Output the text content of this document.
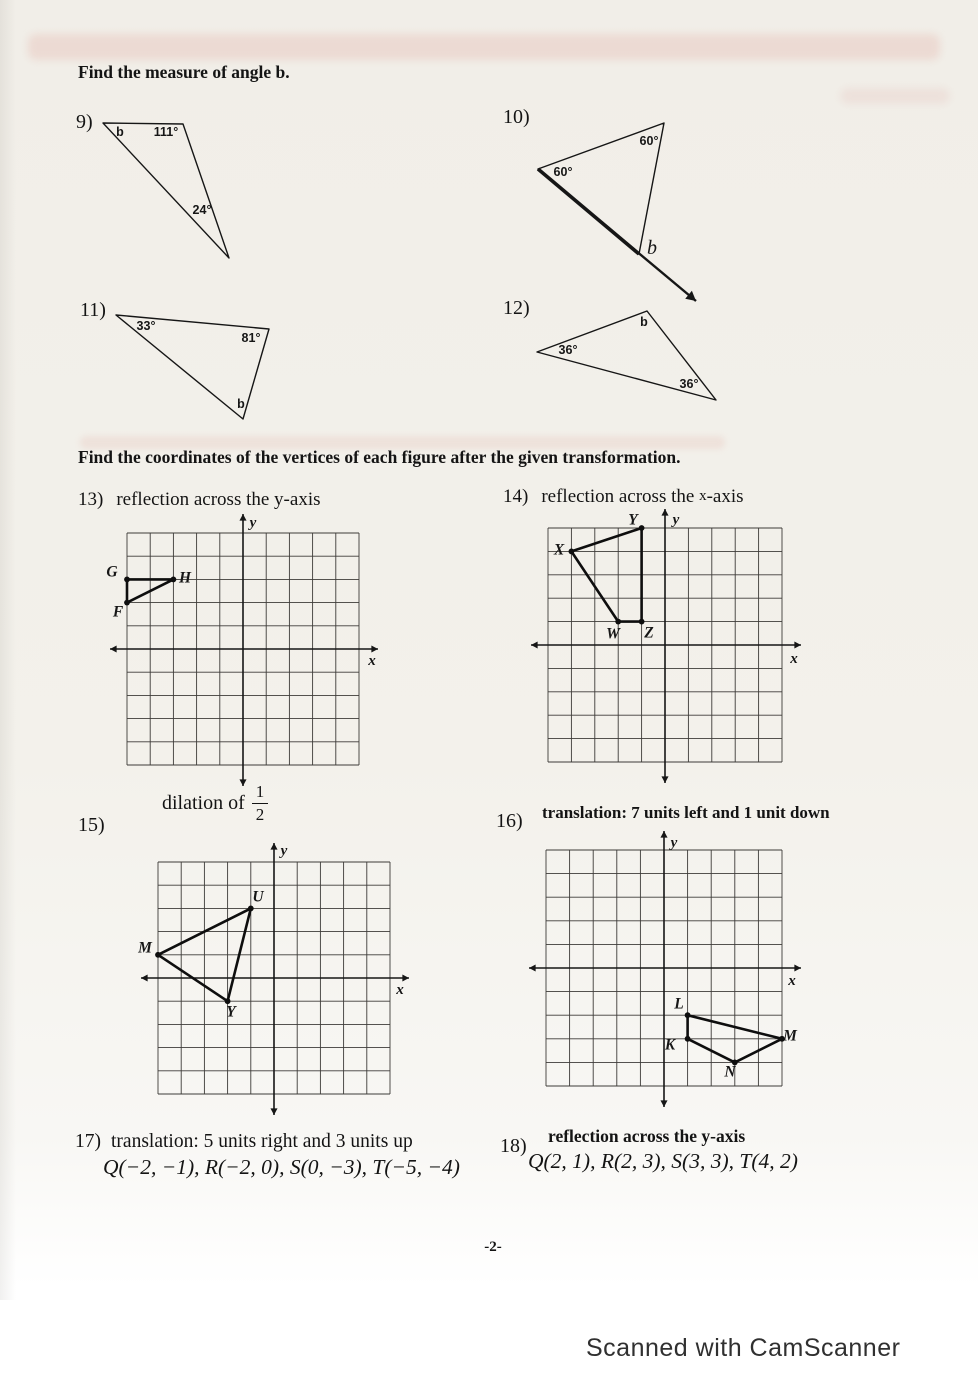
b 111°
24°
60°
60°
b
33°
81°
b
36°
b
36°
y
x
G	H
F
y
x
X
Y
Z
W
y
x
M
U
Y
y
x
L
M
N
K
Find the measure of angle b.
9)	10)
11)	12)
Find the coordinates of the vertices of each figure after the given transformation.
13) reflection across the y-axis	14) reflection across the x-axis
15)
dilation of $\frac{1}{2}$	16) translation: 7 units left and 1 unit down
17) translation: 5 units right and 3 units up
Q(−2, −1), R(−2, 0), S(0, −3), T(−5, −4)
18) reflection across the y-axis
Q(2, 1), R(2, 3), S(3, 3), T(4, 2)
-2-
Scanned with CamScanner
